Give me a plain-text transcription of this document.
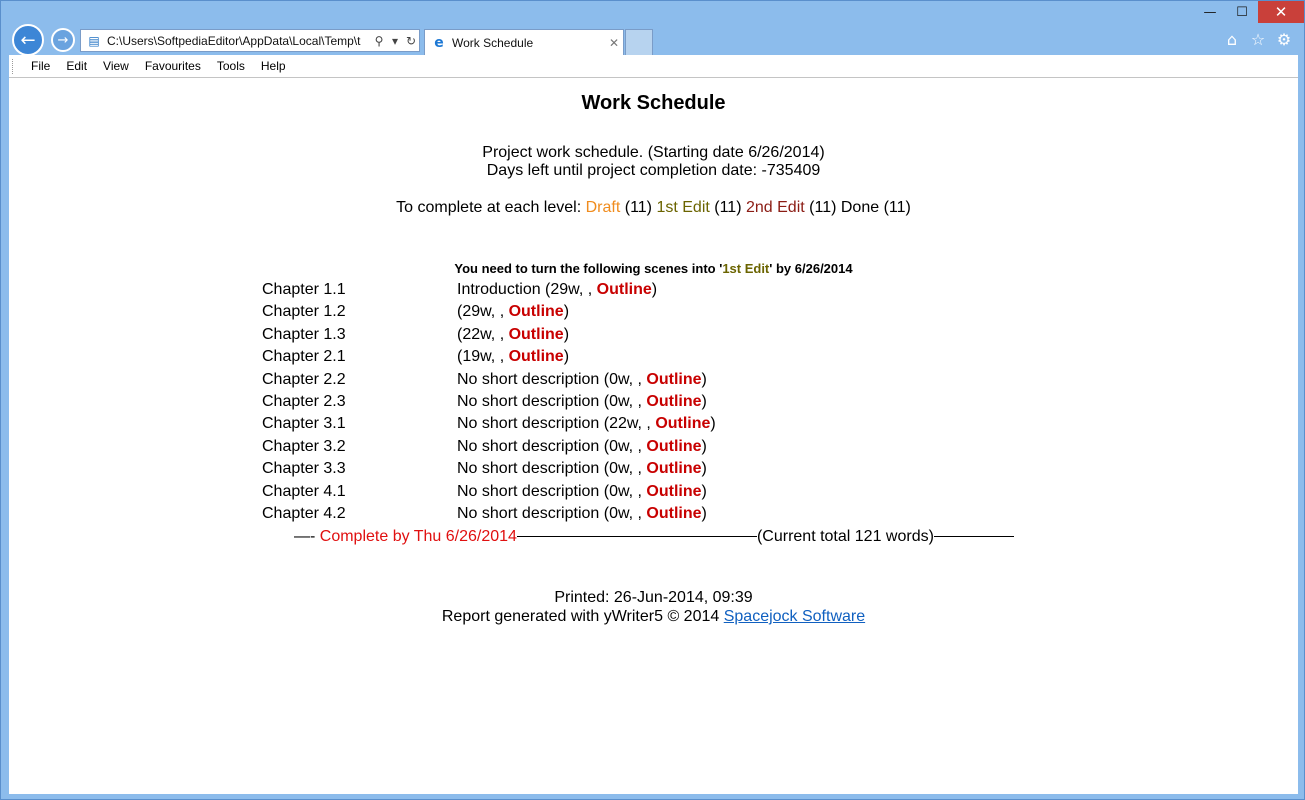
—	☐	✕
← → ▤ C:\Users\SoftpediaEditor\AppData\Local\Temp\t	⚲ ▾ ↻	e Work Schedule	✕	⌂ ☆ ⚙
File	Edit	View	Favourites	Tools	Help
Work Schedule
Project work schedule. (Starting date 6/26/2014)
Days left until project completion date: -735409
To complete at each level: Draft (11) 1st Edit (11) 2nd Edit (11) Done (11)
You need to turn the following scenes into '1st Edit' by 6/26/2014
Chapter 1.1	Introduction (29w, , Outline)
Chapter 1.2	(29w, , Outline)
Chapter 1.3	(22w, , Outline)
Chapter 2.1	(19w, , Outline)
Chapter 2.2	No short description (0w, , Outline)
Chapter 2.3	No short description (0w, , Outline)
Chapter 3.1	No short description (22w, , Outline)
Chapter 3.2	No short description (0w, , Outline)
Chapter 3.3	No short description (0w, , Outline)
Chapter 4.1	No short description (0w, , Outline)
Chapter 4.2	No short description (0w, , Outline)
—- Complete by Thu 6/26/2014	(Current total 121 words)
Printed: 26-Jun-2014, 09:39
Report generated with yWriter5 © 2014 Spacejock Software
